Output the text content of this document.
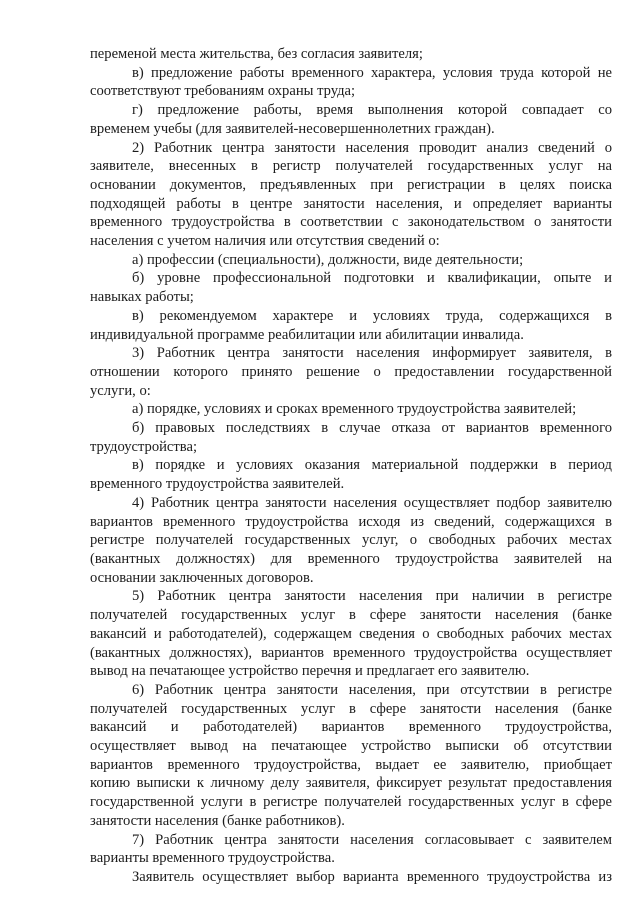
переменой места жительства, без согласия заявителя;
в) предложение работы временного характера, условия труда которой не
соответствуют требованиям охраны труда;
г) предложение работы, время выполнения которой совпадает со
временем учебы (для заявителей-несовершеннолетних граждан).
2) Работник центра занятости населения проводит анализ сведений о
заявителе, внесенных в регистр получателей государственных услуг на
основании документов, предъявленных при регистрации в целях поиска
подходящей работы в центре занятости населения, и определяет варианты
временного трудоустройства в соответствии с законодательством о занятости
населения с учетом наличия или отсутствия сведений о:
а) профессии (специальности), должности, виде деятельности;
б) уровне профессиональной подготовки и квалификации, опыте и
навыках работы;
в) рекомендуемом характере и условиях труда, содержащихся в
индивидуальной программе реабилитации или абилитации инвалида.
3) Работник центра занятости населения информирует заявителя, в
отношении которого принято решение о предоставлении государственной
услуги, о:
а) порядке, условиях и сроках временного трудоустройства заявителей;
б) правовых последствиях в случае отказа от вариантов временного
трудоустройства;
в) порядке и условиях оказания материальной поддержки в период
временного трудоустройства заявителей.
4) Работник центра занятости населения осуществляет подбор заявителю
вариантов временного трудоустройства исходя из сведений, содержащихся в
регистре получателей государственных услуг, о свободных рабочих местах
(вакантных должностях) для временного трудоустройства заявителей на
основании заключенных договоров.
5) Работник центра занятости населения при наличии в регистре
получателей государственных услуг в сфере занятости населения (банке
вакансий и работодателей), содержащем сведения о свободных рабочих местах
(вакантных должностях), вариантов временного трудоустройства осуществляет
вывод на печатающее устройство перечня и предлагает его заявителю.
6) Работник центра занятости населения, при отсутствии в регистре
получателей государственных услуг в сфере занятости населения (банке
вакансий и работодателей) вариантов временного трудоустройства,
осуществляет вывод на печатающее устройство выписки об отсутствии
вариантов временного трудоустройства, выдает ее заявителю, приобщает
копию выписки к личному делу заявителя, фиксирует результат предоставления
государственной услуги в регистре получателей государственных услуг в сфере
занятости населения (банке работников).
7) Работник центра занятости населения согласовывает с заявителем
варианты временного трудоустройства.
Заявитель осуществляет выбор варианта временного трудоустройства из
